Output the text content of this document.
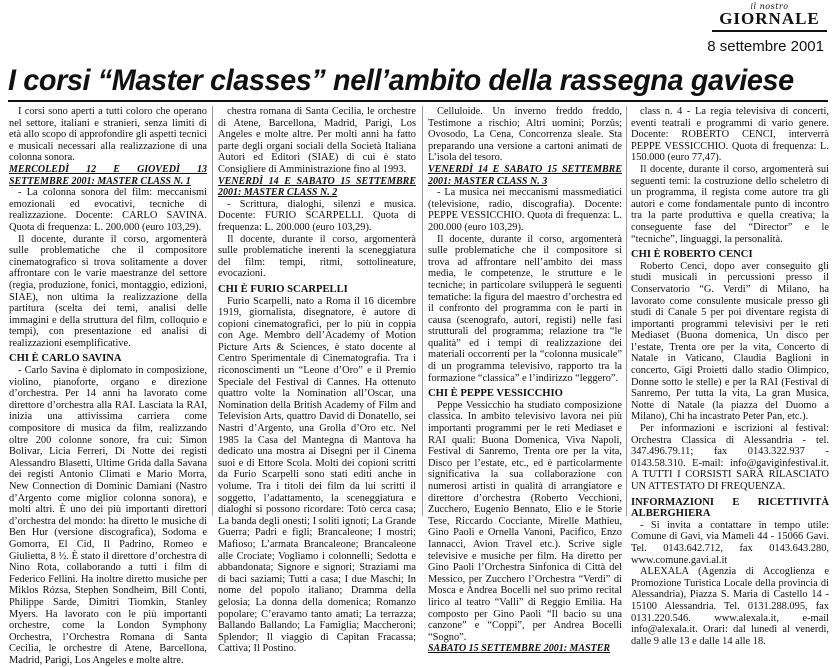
il nostro
GIORNALE
8 settembre 2001
I corsi “Master classes” nell’ambito della rassegna gaviese

I corsi sono aperti a tutti coloro che operano nel settore, italiani e stranieri, senza limiti di età allo scopo di approfondire gli aspetti tecnici e musicali necessari alla realizzazione di una colonna sonora.

MERCOLEDÌ 12 E GIOVEDÌ 13 SETTEMBRE 2001: MASTER CLASS N. 1

- La colonna sonora del film: meccanismi emozionali ed evocativi, tecniche di realizzazione. Docente: CARLO SAVINA. Quota di frequenza: L. 200.000 (euro 103,29).

Il docente, durante il corso, argomenterà sulle problematiche che il compositore cinematografico si trova solitamente a dover affrontare con le varie maestranze del settore (regia, produzione, fonici, montaggio, edizioni, SIAE), non ultima la realizzazione della partitura (scelta dei temi, analisi delle immagini e della struttura del film, colloquio e tempi), con presentazione ed analisi di realizzazioni esemplificative.

CHI È CARLO SAVINA

- Carlo Savina è diplomato in composizione, violino, pianoforte, organo e direzione d’orchestra. Per 14 anni ha lavorato come direttore d’orchestra alla RAI. Lasciata la RAI, inizia una attivissima carriera come compositore di musica da film, realizzando oltre 200 colonne sonore, fra cui: Simon Bolivar, Licia Ferreri, Di Notte dei registi Alessandro Blasetti, Ultime Grida dalla Savana dei registi Antonio Climati e Mario Morra, New Connection di Dominic Damiani (Nastro d’Argento come miglior colonna sonora), e molti altri. È uno dei più importanti direttori d’orchestra del mondo: ha diretto le musiche di Ben Hur (versione discografica), Sodoma e Gomorra, El Cid, Il Padrino, Romeo e Giulietta, 8 ½. È stato il direttore d’orchestra di Nino Rota, collaborando a tutti i film di Federico Fellini. Ha inoltre diretto musiche per Miklos Rózsa, Stephen Sondheim, Bill Conti, Philippe Sarde, Dimitri Tiomkin, Stanley Myers. Ha lavorato con le più importanti orchestre, come la London Symphony Orchestra, l’Orchestra Romana di Santa Cecilia, le orchestre di Atene, Barcellona, Madrid, Parigi, Los Angeles e molte altre.

chestra romana di Santa Cecilia, le orchestre di Atene, Barcellona, Madrid, Parigi, Los Angeles e molte altre. Per molti anni ha fatto parte degli organi sociali della Società Italiana Autori ed Editori (SIAE) di cui è stato Consigliere di Amministrazione fino al 1993.

VENERDÌ 14 E SABATO 15 SETTEMBRE 2001: MASTER CLASS N. 2

- Scrittura, dialoghi, silenzi e musica. Docente: FURIO SCARPELLI. Quota di frequenza: L. 200.000 (euro 103,29).

Il docente, durante il corso, argomenterà sulle problematiche inerenti la sceneggiatura del film: tempi, ritmi, sottolineature, evocazioni.

CHI È FURIO SCARPELLI

Furio Scarpelli, nato a Roma il 16 dicembre 1919, giornalista, disegnatore, è autore di copioni cinematografici, per lo più in coppia con Age. Membro dell’Academy of Motion Picture Arts & Sciences, è stato docente al Centro Sperimentale di Cinematografia. Tra i riconoscimenti un “Leone d’Oro” e il Premio Speciale del Festival di Cannes. Ha ottenuto quattro volte la Nomination all’Oscar, una Nomination della British Academy of Film and Television Arts, quattro David di Donatello, sei Nastri d’Argento, una Grolla d’Oro etc. Nel 1985 la Casa del Mantegna di Mantova ha dedicato una mostra ai Disegni per il Cinema suoi e di Ettore Scola. Molti dei copioni scritti da Furio Scarpelli sono stati editi anche in volume. Tra i titoli dei film da lui scritti il soggetto, l’adattamento, la sceneggiatura e dialoghi si possono ricordare: Totò cerca casa; La banda degli onesti; I soliti ignoti; La Grande Guerra; Padri e figli; Brancaleone; I mostri; Mafioso; L’armata Brancaleone; Brancaleone alle Crociate; Vogliamo i colonnelli; Sedotta e abbandonata; Signore e signori; Straziami ma di baci saziami; Tutti a casa; I due Maschi; In nome del popolo italiano; Dramma della gelosia; La donna della domenica; Romanzo popolare; C’eravamo tanto amati; La terrazza; Ballando Ballando; La Famiglia; Maccheroni; Splendor; Il viaggio di Capitan Fracassa; Cattiva; Il Postino.

Celluloide. Un inverno freddo freddo, Testimone a rischio; Altri uomini; Porzûs; Ovosodo, La Cena, Concorrenza sleale. Sta preparando una versione a cartoni animati de L’isola del tesoro.

VENERDÌ 14 E SABATO 15 SETTEMBRE 2001: MASTER CLASS N. 3

- La musica nei meccanismi massmediatici (televisione, radio, discografia). Docente: PEPPE VESSICCHIO. Quota di frequenza: L. 200.000 (euro 103,29).

Il docente, durante il corso, argomenterà sulle problematiche che il compositore si trova ad affrontare nell’ambito dei mass media, le competenze, le strutture e le tecniche; in particolare svilupperà le seguenti tematiche: la figura del maestro d’orchestra ed il confronto del programma con le parti in causa (scenografo, autori, registi) nelle fasi strutturali del programma; relazione tra “le qualità” ed i tempi di realizzazione dei materiali occorrenti per la “colonna musicale” di un programma televisivo, rapporto tra la formazione “classica” e l’indirizzo “leggero”.

CHI È PEPPE VESSICCHIO

Peppe Vessicchio ha studiato composizione classica. In ambito televisivo lavora nei più importanti programmi per le reti Mediaset e RAI quali: Buona Domenica, Viva Napoli, Festival di Sanremo, Trenta ore per la vita, Disco per l’estate, etc., ed è particolarmente significativa la sua collaborazione con numerosi artisti in qualità di arrangiatore e direttore d’orchestra (Roberto Vecchioni, Zucchero, Eugenio Bennato, Elio e le Storie Tese, Riccardo Cocciante, Mirelle Mathieu, Gino Paoli e Ornella Vanoni, Pacifico, Enzo Iannacci, Avion Travel etc.). Scrive sigle televisive e musiche per film. Ha diretto per Gino Paoli l’Orchestra Sinfonica di Città del Messico, per Zucchero l’Orchestra “Verdi” di Mosca e Andrea Bocelli nel suo primo recital lirico al teatro “Valli” di Reggio Emilia. Ha composto per Gino Paoli “Il bacio su una canzone” e “Coppi”, per Andrea Bocelli “Sogno”.

SABATO 15 SETTEMBRE 2001: MASTER

class n. 4 - La regia televisiva di concerti, eventi teatrali e programmi di vario genere. Docente: ROBERTO CENCI, interverrà PEPPE VESSICCHIO. Quota di frequenza: L. 150.000 (euro 77,47).

Il docente, durante il corso, argomenterà sui seguenti temi: la costruzione dello scheletro di un programma, il regista come autore tra gli autori e come fondamentale punto di incontro tra la parte produttiva e quella creativa; la conseguente fase del “Director” e le “tecniche”, linguaggi, la personalità.

CHI È ROBERTO CENCI

Roberto Cenci, dopo aver conseguito gli studi musicali in percussioni presso il Conservatorio “G. Verdi” di Milano, ha lavorato come consulente musicale presso gli studi di Canale 5 per poi diventare regista di importanti programmi televisivi per le reti Mediaset (Buona domenica, Un disco per l’estate, Trenta ore per la vita, Concerto di Natale in Vaticano, Claudia Baglioni in concerto, Gigi Proietti dallo stadio Olimpico, Donne sotto le stelle) e per la RAI (Festival di Sanremo, Per tutta la vita, La gran Musica, Notte di Natale (la piazza del Duomo a Milano), Chi ha incastrato Peter Pan, etc.).

Per informazioni e iscrizioni al festival: Orchestra Classica di Alessandria - tel. 347.496.79.11; fax 0143.322.937 - 0143.58.310. E-mail: info@gaviginfestival.it. A TUTTI I CORSISTI SARÀ RILASCIATO UN ATTESTATO DI FREQUENZA.

INFORMAZIONI E RICETTIVITÀ ALBERGHIERA

- Si invita a contattare in tempo utile: Comune di Gavi, via Mameli 44 - 15066 Gavi. Tel. 0143.642.712, fax 0143.643.280, www.comune.gavi.al.it

ALEXALA (Agenzia di Accoglienza e Promozione Turistica Locale della provincia di Alessandria), Piazza S. Maria di Castello 14 - 15100 Alessandria. Tel. 0131.288.095, fax 0131.220.546. www.alexala.it, e-mail info@alexala.it. Orari: dal lunedì al venerdì, dalle 9 alle 13 e dalle 14 alle 18.
